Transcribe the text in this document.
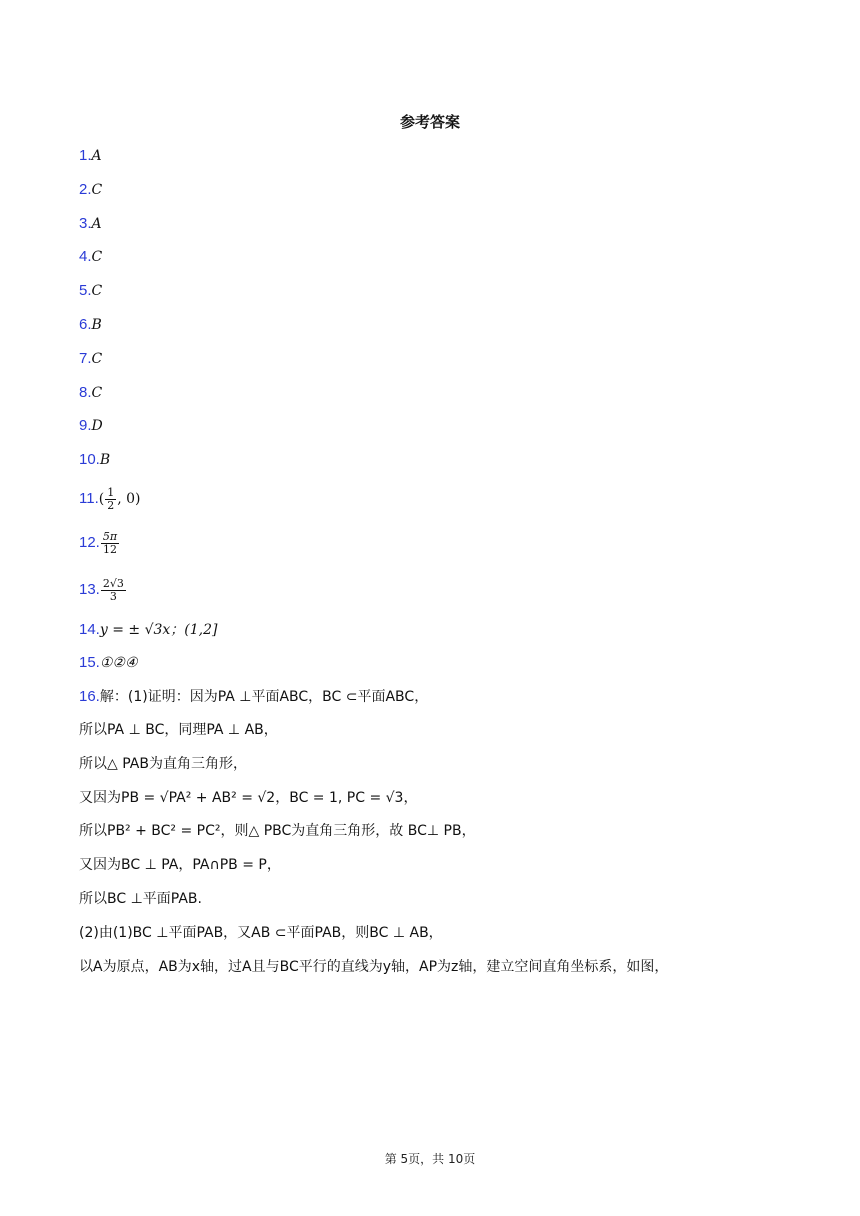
参考答案
1.A
2.C
3.A
4.C
5.C
6.B
7.C
8.C
9.D
10.B
$11.( \frac{1}{2}$ , 0)
12. $\frac{5\pi}{12}$
13. $\frac{2√3}{3}$
14.y = ± √3x；(1,2]
15.①②④
16.解：(1)证明：因为PA ⊥平面ABC，BC ⊂平面ABC，
所以PA ⊥ BC，同理PA ⊥ AB，
所以△ PAB为直角三角形，
又因为PB = √PA² + AB² = √2，BC = 1, PC = √3，
所以PB² + BC² = PC²，则△ PBC为直角三角形，故 BC⊥ PB，
又因为BC ⊥ PA，PA∩PB = P，
所以BC ⊥平面PAB.
(2)由(1)BC ⊥平面PAB，又AB ⊂平面PAB，则BC ⊥ AB，
以A为原点，AB为x轴，过A且与BC平行的直线为y轴，AP为z轴，建立空间直角坐标系，如图，
第 5页，共 10页
